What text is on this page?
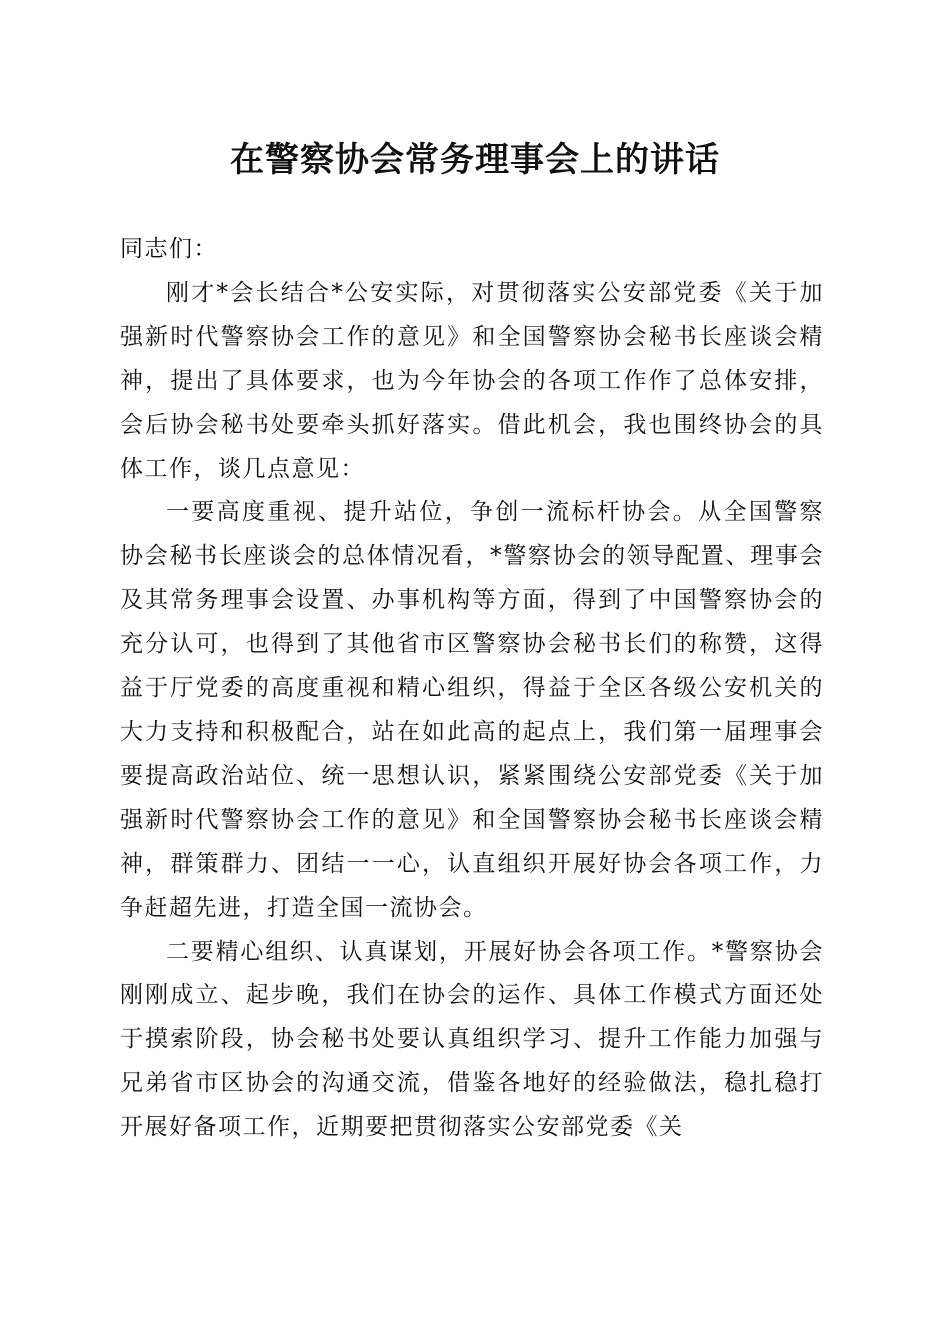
在警察协会常务理事会上的讲话

同志们：

刚才*会长结合*公安实际，对贯彻落实公安部党委《关于加强新时代警察协会工作的意见》和全国警察协会秘书长座谈会精神，提出了具体要求，也为今年协会的各项工作作了总体安排，会后协会秘书处要牵头抓好落实。借此机会，我也围终协会的具体工作，谈几点意见：

一要高度重视、提升站位，争创一流标杆协会。从全国警察协会秘书长座谈会的总体情况看，*警察协会的领导配置、理事会及其常务理事会设置、办事机构等方面，得到了中国警察协会的充分认可，也得到了其他省市区警察协会秘书长们的称赞，这得益于厅党委的高度重视和精心组织，得益于全区各级公安机关的大力支持和积极配合，站在如此高的起点上，我们第一届理事会要提高政治站位、统一思想认识，紧紧围绕公安部党委《关于加强新时代警察协会工作的意见》和全国警察协会秘书长座谈会精神，群策群力、团结一一心，认直组织开展好协会各项工作，力争赶超先进，打造全国一流协会。

二要精心组织、认真谋划，开展好协会各项工作。*警察协会刚刚成立、起步晚，我们在协会的运作、具体工作模式方面还处于摸索阶段，协会秘书处要认真组织学习、提升工作能力加强与兄弟省市区协会的沟通交流，借鉴各地好的经验做法，稳扎稳打开展好备项工作，近期要把贯彻落实公安部党委《关
